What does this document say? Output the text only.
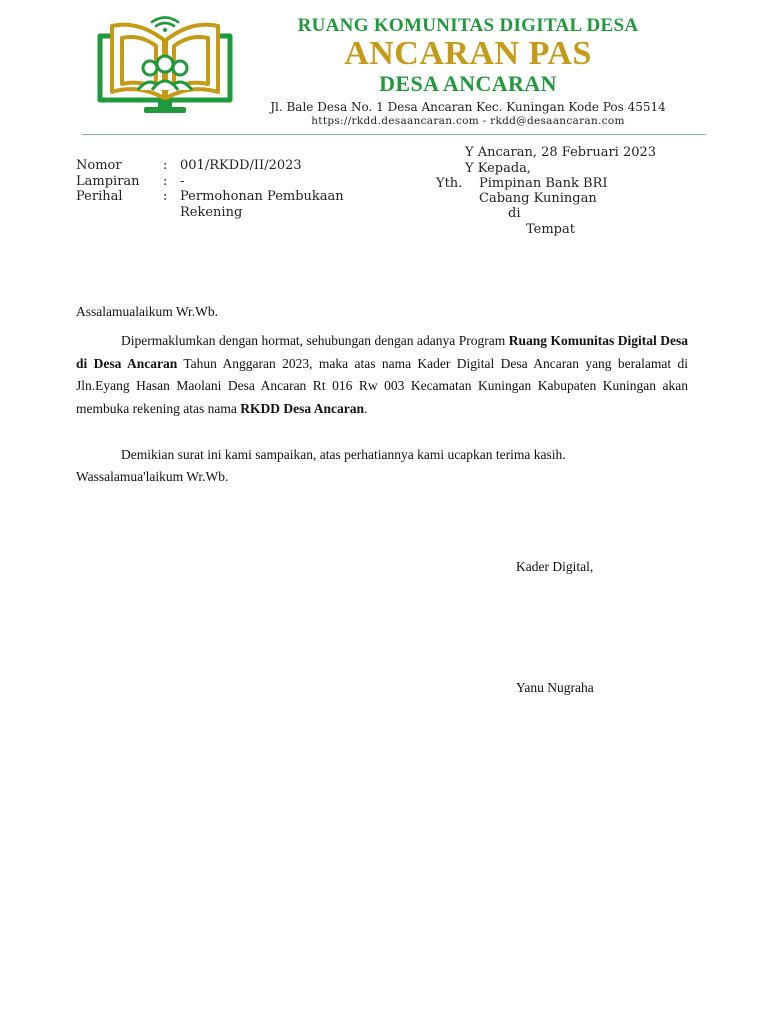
RUANG KOMUNITAS DIGITAL DESA
ANCARAN PAS
DESA ANCARAN
Jl. Bale Desa No. 1 Desa Ancaran Kec. Kuningan Kode Pos 45514
https://rkdd.desaancaran.com - rkdd@desaancaran.com
Nomor	: 001/RKDD/II/2023
Lampiran : -
Perihal	: Permohonan Pembukaan
Rekening
Y Ancaran, 28 Februari 2023
Y Kepada,
Yth. Pimpinan Bank BRI
Cabang Kuningan
di
Tempat
Assalamualaikum Wr.Wb.

Dipermaklumkan dengan hormat, sehubungan dengan adanya Program Ruang Komunitas Digital Desa di Desa Ancaran Tahun Anggaran 2023, maka atas nama Kader Digital Desa Ancaran yang beralamat di Jln.Eyang Hasan Maolani Desa Ancaran Rt 016 Rw 003 Kecamatan Kuningan Kabupaten Kuningan akan membuka rekening atas nama RKDD Desa Ancaran.

Demikian surat ini kami sampaikan, atas perhatiannya kami ucapkan terima kasih.

Wassalamua'laikum Wr.Wb.
Kader Digital,
Yanu Nugraha
